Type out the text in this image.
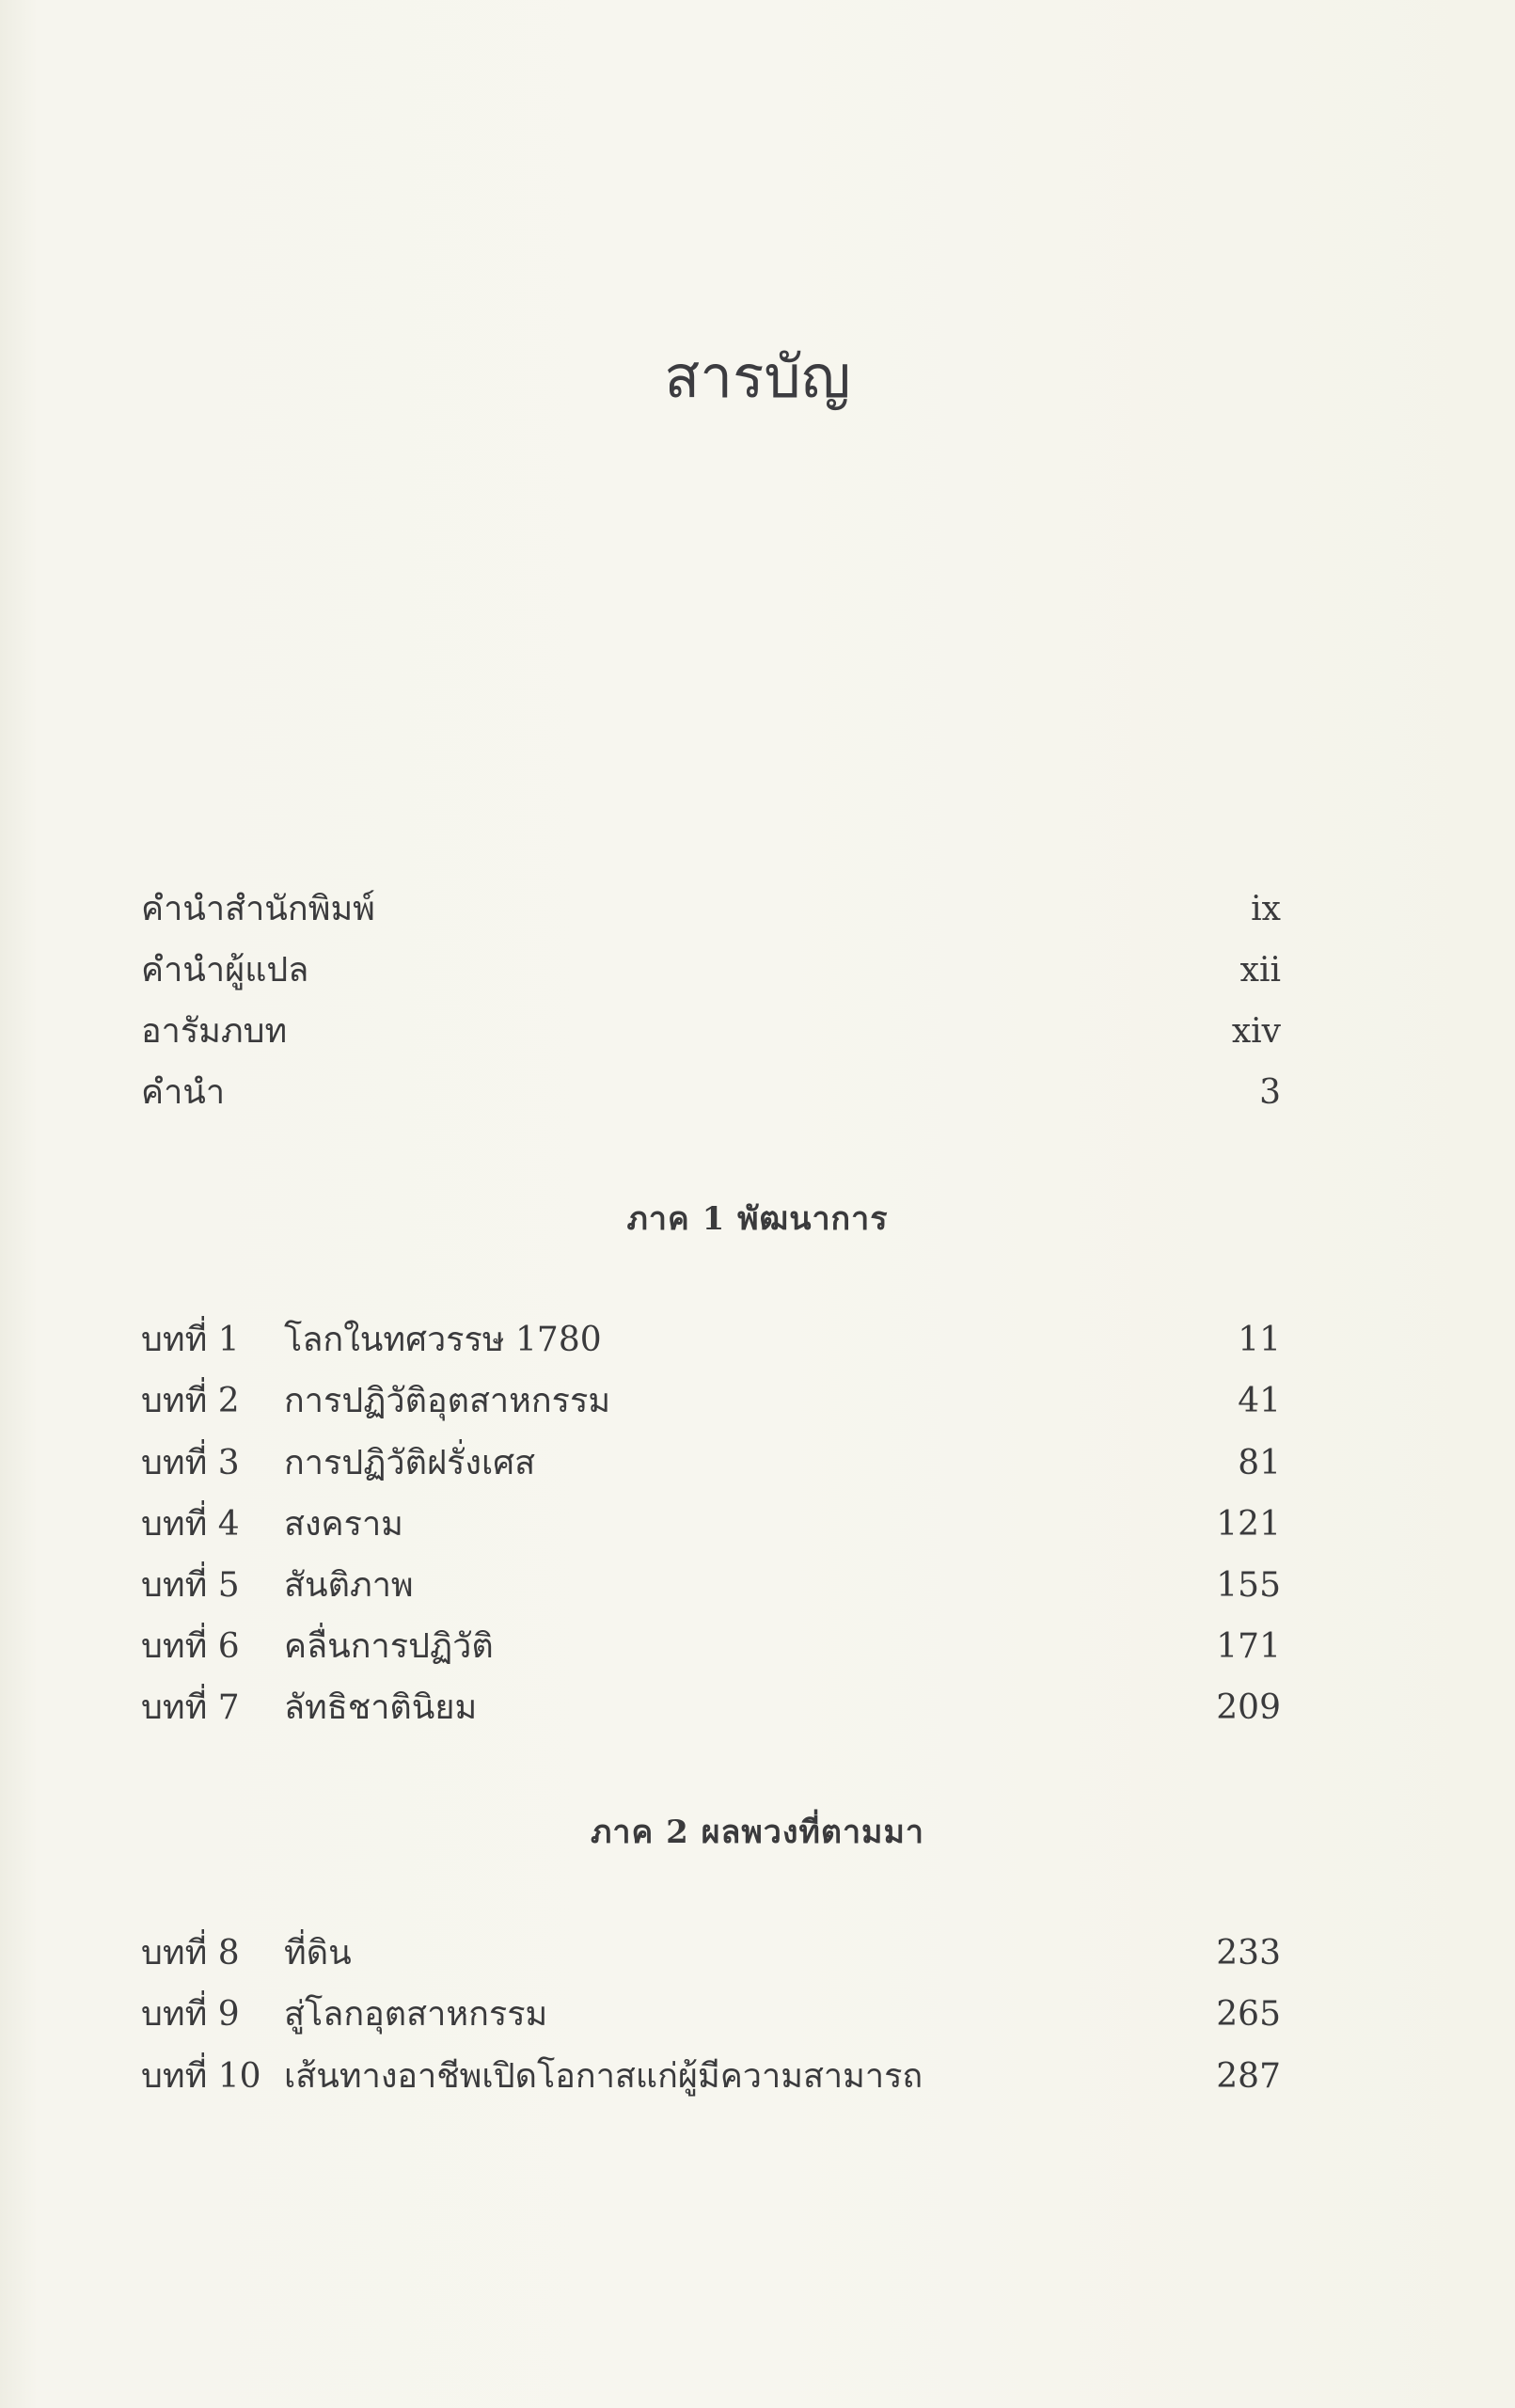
สารบัญ
คำนำสำนักพิมพ์	ix
คำนำผู้แปล	xii
อารัมภบท	xiv
คำนำ	3
ภาค 1 พัฒนาการ
บทที่ 1 โลกในทศวรรษ 1780	11
บทที่ 2 การปฏิวัติอุตสาหกรรม	41
บทที่ 3 การปฏิวัติฝรั่งเศส	81
บทที่ 4 สงคราม	121
บทที่ 5 สันติภาพ	155
บทที่ 6 คลื่นการปฏิวัติ	171
บทที่ 7 ลัทธิชาตินิยม	209
ภาค 2 ผลพวงที่ตามมา
บทที่ 8 ที่ดิน	233
บทที่ 9 สู่โลกอุตสาหกรรม	265
บทที่ 10 เส้นทางอาชีพเปิดโอกาสแก่ผู้มีความสามารถ	287
